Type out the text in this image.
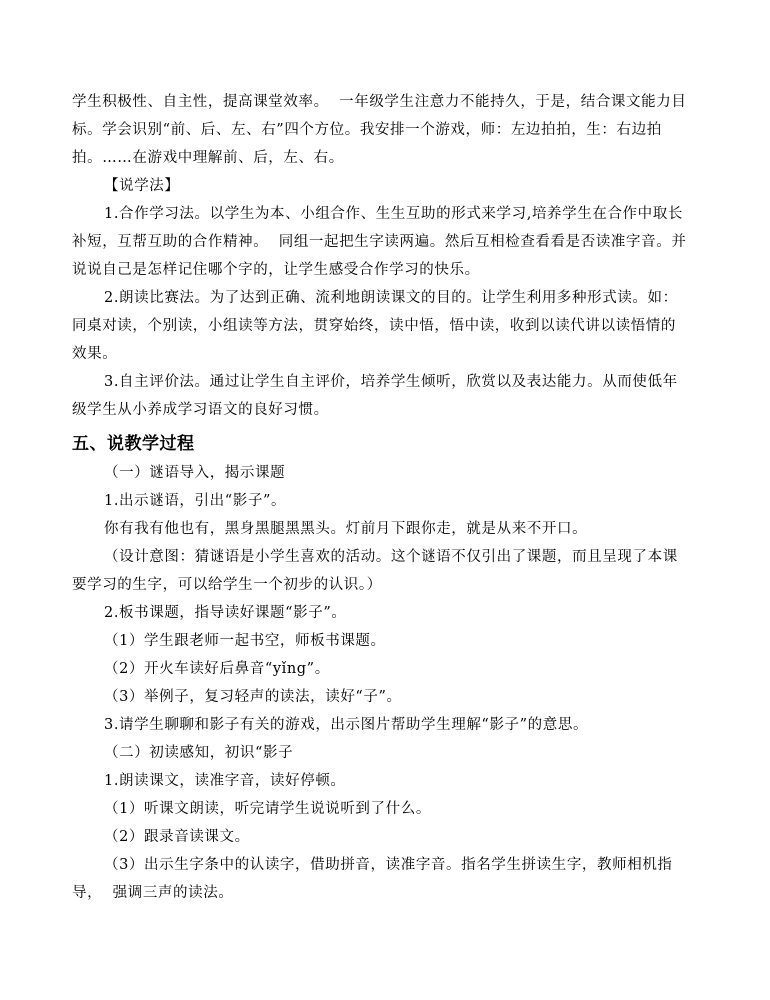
学生积极性、自主性，提高课堂效率。  一年级学生注意力不能持久，于是，结合课文能力目
标。学会识别“前、后、左、右”四个方位。我安排一个游戏，师：左边拍拍，生：右边拍
拍。……在游戏中理解前、后，左、右。
【说学法】
1.合作学习法。以学生为本、小组合作、生生互助的形式来学习,培养学生在合作中取长
补短，互帮互助的合作精神。  同组一起把生字读两遍。然后互相检查看看是否读准字音。并
说说自己是怎样记住哪个字的，让学生感受合作学习的快乐。
2.朗读比赛法。为了达到正确、流利地朗读课文的目的。让学生利用多种形式读。如：
同桌对读，个别读，小组读等方法，贯穿始终，读中悟，悟中读，收到以读代讲以读悟情的
效果。
3.自主评价法。通过让学生自主评价，培养学生倾听，欣赏以及表达能力。从而使低年
级学生从小养成学习语文的良好习惯。
五、说教学过程
（一）谜语导入，揭示课题
1.出示谜语，引出“影子”。
你有我有他也有，黑身黑腿黑黑头。灯前月下跟你走，就是从来不开口。
（设计意图：猜谜语是小学生喜欢的活动。这个谜语不仅引出了课题，而且呈现了本课
要学习的生字，可以给学生一个初步的认识。）
2.板书课题，指导读好课题“影子”。
（1）学生跟老师一起书空，师板书课题。
（2）开火车读好后鼻音“yǐng”。
（3）举例子，复习轻声的读法，读好“子”。
3.请学生聊聊和影子有关的游戏，出示图片帮助学生理解“影子”的意思。
（二）初读感知，初识“影子
1.朗读课文，读准字音，读好停顿。
（1）听课文朗读，听完请学生说说听到了什么。
（2）跟录音读课文。
（3）出示生字条中的认读字，借助拼音，读准字音。指名学生拼读生字，教师相机指
导，  强调三声的读法。
